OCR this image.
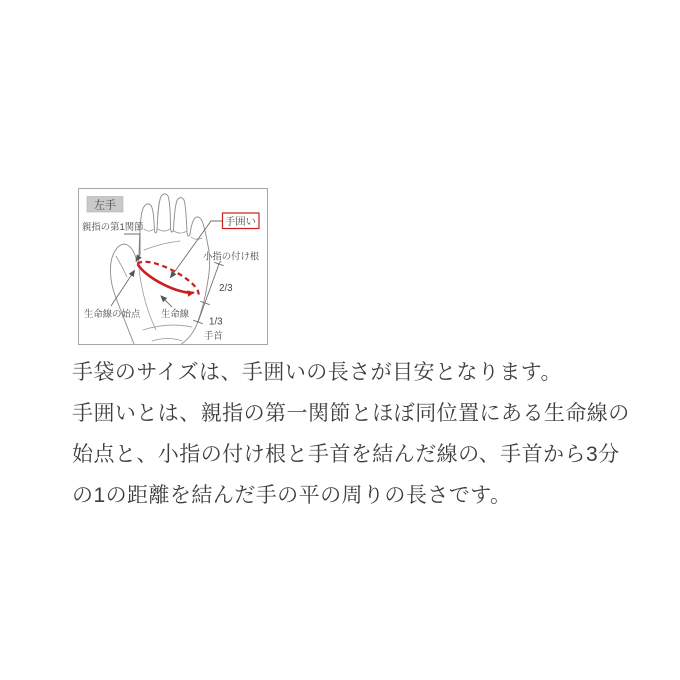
左手
手囲い
親指の第1関節
小指の付け根
2/3
1/3
手首
生命線の始点 生命線
手袋のサイズは、手囲いの長さが目安となります。
手囲いとは、親指の第一関節とほぼ同位置にある生命線の
始点と、小指の付け根と手首を結んだ線の、手首から3分
の1の距離を結んだ手の平の周りの長さです。
